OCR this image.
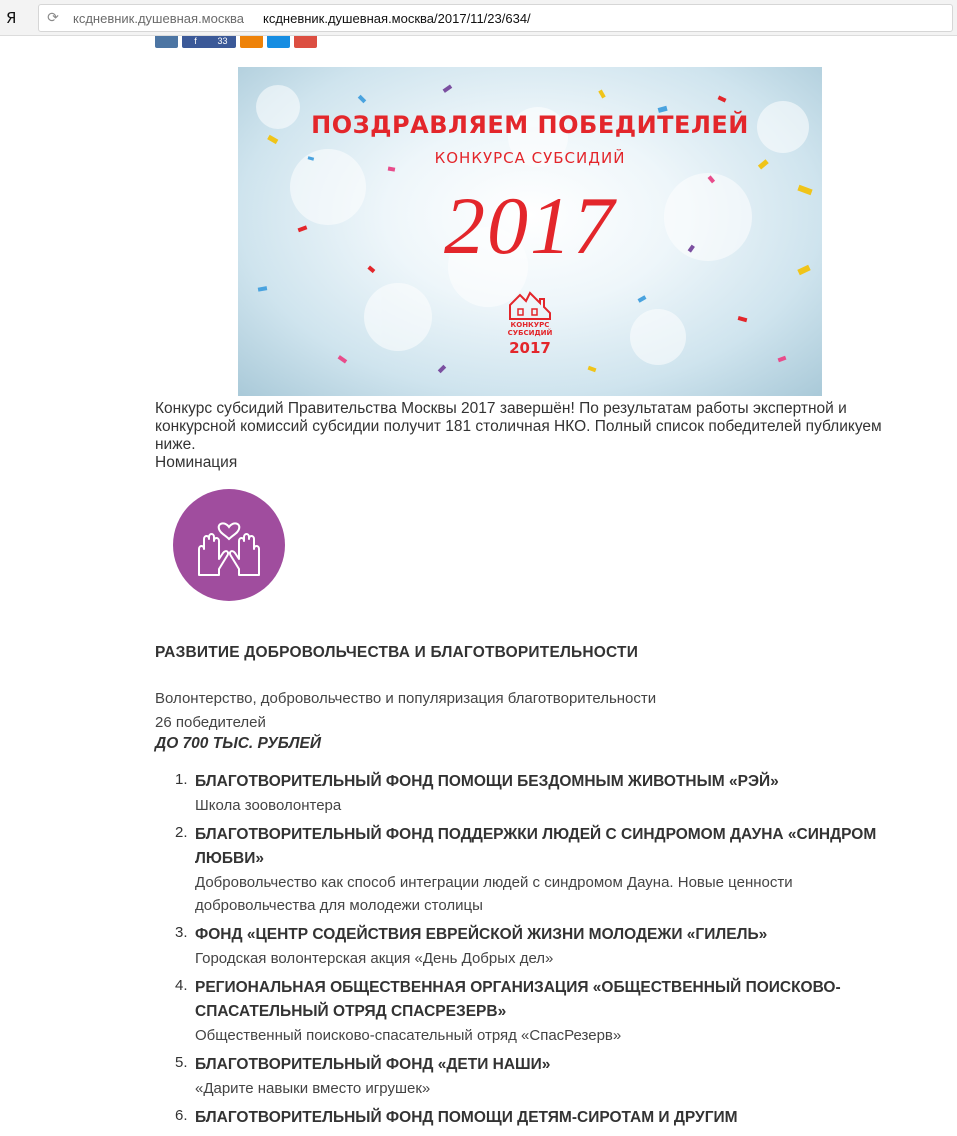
Я	⟳	ксдневник.душевная.москва	ксдневник.душевная.москва/2017/11/23/634/
f	33
ПОЗДРАВЛЯЕМ ПОБЕДИТЕЛЕЙ
КОНКУРСА СУБСИДИЙ
2017
КОНКУРС
СУБСИДИЙ
2017

Конкурс субсидий Правительства Москвы 2017 завершён! По результатам работы экспертной и конкурсной комиссий субсидии получит 181 столичная НКО. Полный список победителей публикуем ниже.

Номинация
РАЗВИТИЕ ДОБРОВОЛЬЧЕСТВА И БЛАГОТВОРИТЕЛЬНОСТИ
Волонтерство, добровольчество и популяризация благотворительности
26 победителей
ДО 700 ТЫС. РУБЛЕЙ
1. БЛАГОТВОРИТЕЛЬНЫЙ ФОНД ПОМОЩИ БЕЗДОМНЫМ ЖИВОТНЫМ «РЭЙ»
Школа зооволонтера
2. БЛАГОТВОРИТЕЛЬНЫЙ ФОНД ПОДДЕРЖКИ ЛЮДЕЙ С СИНДРОМОМ ДАУНА «СИНДРОМ ЛЮБВИ»
Добровольчество как способ интеграции людей с синдромом Дауна. Новые ценности добровольчества для молодежи столицы
3. ФОНД «ЦЕНТР СОДЕЙСТВИЯ ЕВРЕЙСКОЙ ЖИЗНИ МОЛОДЕЖИ «ГИЛЕЛЬ»
Городская волонтерская акция «День Добрых дел»
4. РЕГИОНАЛЬНАЯ ОБЩЕСТВЕННАЯ ОРГАНИЗАЦИЯ «ОБЩЕСТВЕННЫЙ ПОИСКОВО-СПАСАТЕЛЬНЫЙ ОТРЯД СПАСРЕЗЕРВ»
Общественный поисково-спасательный отряд «СпасРезерв»
5. БЛАГОТВОРИТЕЛЬНЫЙ ФОНД «ДЕТИ НАШИ»
«Дарите навыки вместо игрушек»
6. БЛАГОТВОРИТЕЛЬНЫЙ ФОНД ПОМОЩИ ДЕТЯМ-СИРОТАМ И ДРУГИМ
